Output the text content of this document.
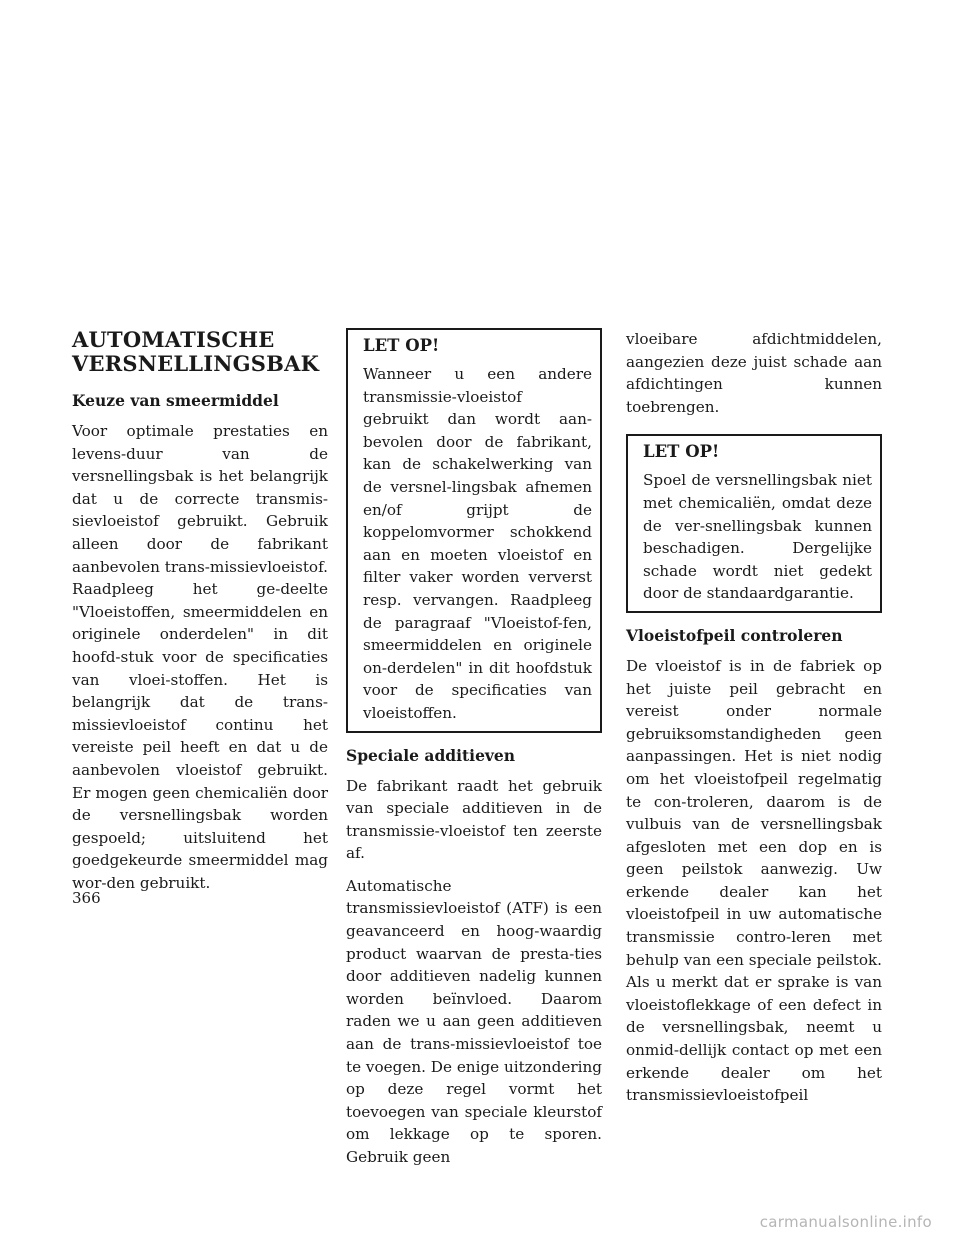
AUTOMATISCHE VERSNELLINGSBAK
Keuze van smeermiddel

Voor optimale prestaties en levens-duur van de versnellingsbak is het belangrijk dat u de correcte transmis-sievloeistof gebruikt. Gebruik alleen door de fabrikant aanbevolen trans-missievloeistof. Raadpleeg het ge-deelte "Vloeistoffen, smeermiddelen en originele onderdelen" in dit hoofd-stuk voor de specificaties van vloei-stoffen. Het is belangrijk dat de trans-missievloeistof continu het vereiste peil heeft en dat u de aanbevolen vloeistof gebruikt. Er mogen geen chemicaliën door de versnellingsbak worden gespoeld; uitsluitend het goedgekeurde smeermiddel mag wor-den gebruikt.

LET OP!

Wanneer u een andere transmissie-vloeistof gebruikt dan wordt aan-bevolen door de fabrikant, kan de schakelwerking van de versnel-lingsbak afnemen en/of grijpt de koppelomvormer schokkend aan en moeten vloeistof en filter vaker worden ververst resp. vervangen. Raadpleeg de paragraaf "Vloeistof-fen, smeermiddelen en originele on-derdelen" in dit hoofdstuk voor de specificaties van vloeistoffen.

Speciale additieven

De fabrikant raadt het gebruik van speciale additieven in de transmissie-vloeistof ten zeerste af.

Automatische transmissievloeistof (ATF) is een geavanceerd en hoog-waardig product waarvan de presta-ties door additieven nadelig kunnen worden beïnvloed. Daarom raden we u aan geen additieven aan de trans-missievloeistof toe te voegen. De enige uitzondering op deze regel vormt het toevoegen van speciale kleurstof om lekkage op te sporen. Gebruik geen

vloeibare afdichtmiddelen, aangezien deze juist schade aan afdichtingen kunnen toebrengen.

LET OP!

Spoel de versnellingsbak niet met chemicaliën, omdat deze de ver-snellingsbak kunnen beschadigen. Dergelijke schade wordt niet gedekt door de standaardgarantie.

Vloeistofpeil controleren

De vloeistof is in de fabriek op het juiste peil gebracht en vereist onder normale gebruiksomstandigheden geen aanpassingen. Het is niet nodig om het vloeistofpeil regelmatig te con-troleren, daarom is de vulbuis van de versnellingsbak afgesloten met een dop en is geen peilstok aanwezig. Uw erkende dealer kan het vloeistofpeil in uw automatische transmissie contro-leren met behulp van een speciale peilstok. Als u merkt dat er sprake is van vloeistoflekkage of een defect in de versnellingsbak, neemt u onmid-dellijk contact op met een erkende dealer om het transmissievloeistofpeil

366
carmanualsonline.info
